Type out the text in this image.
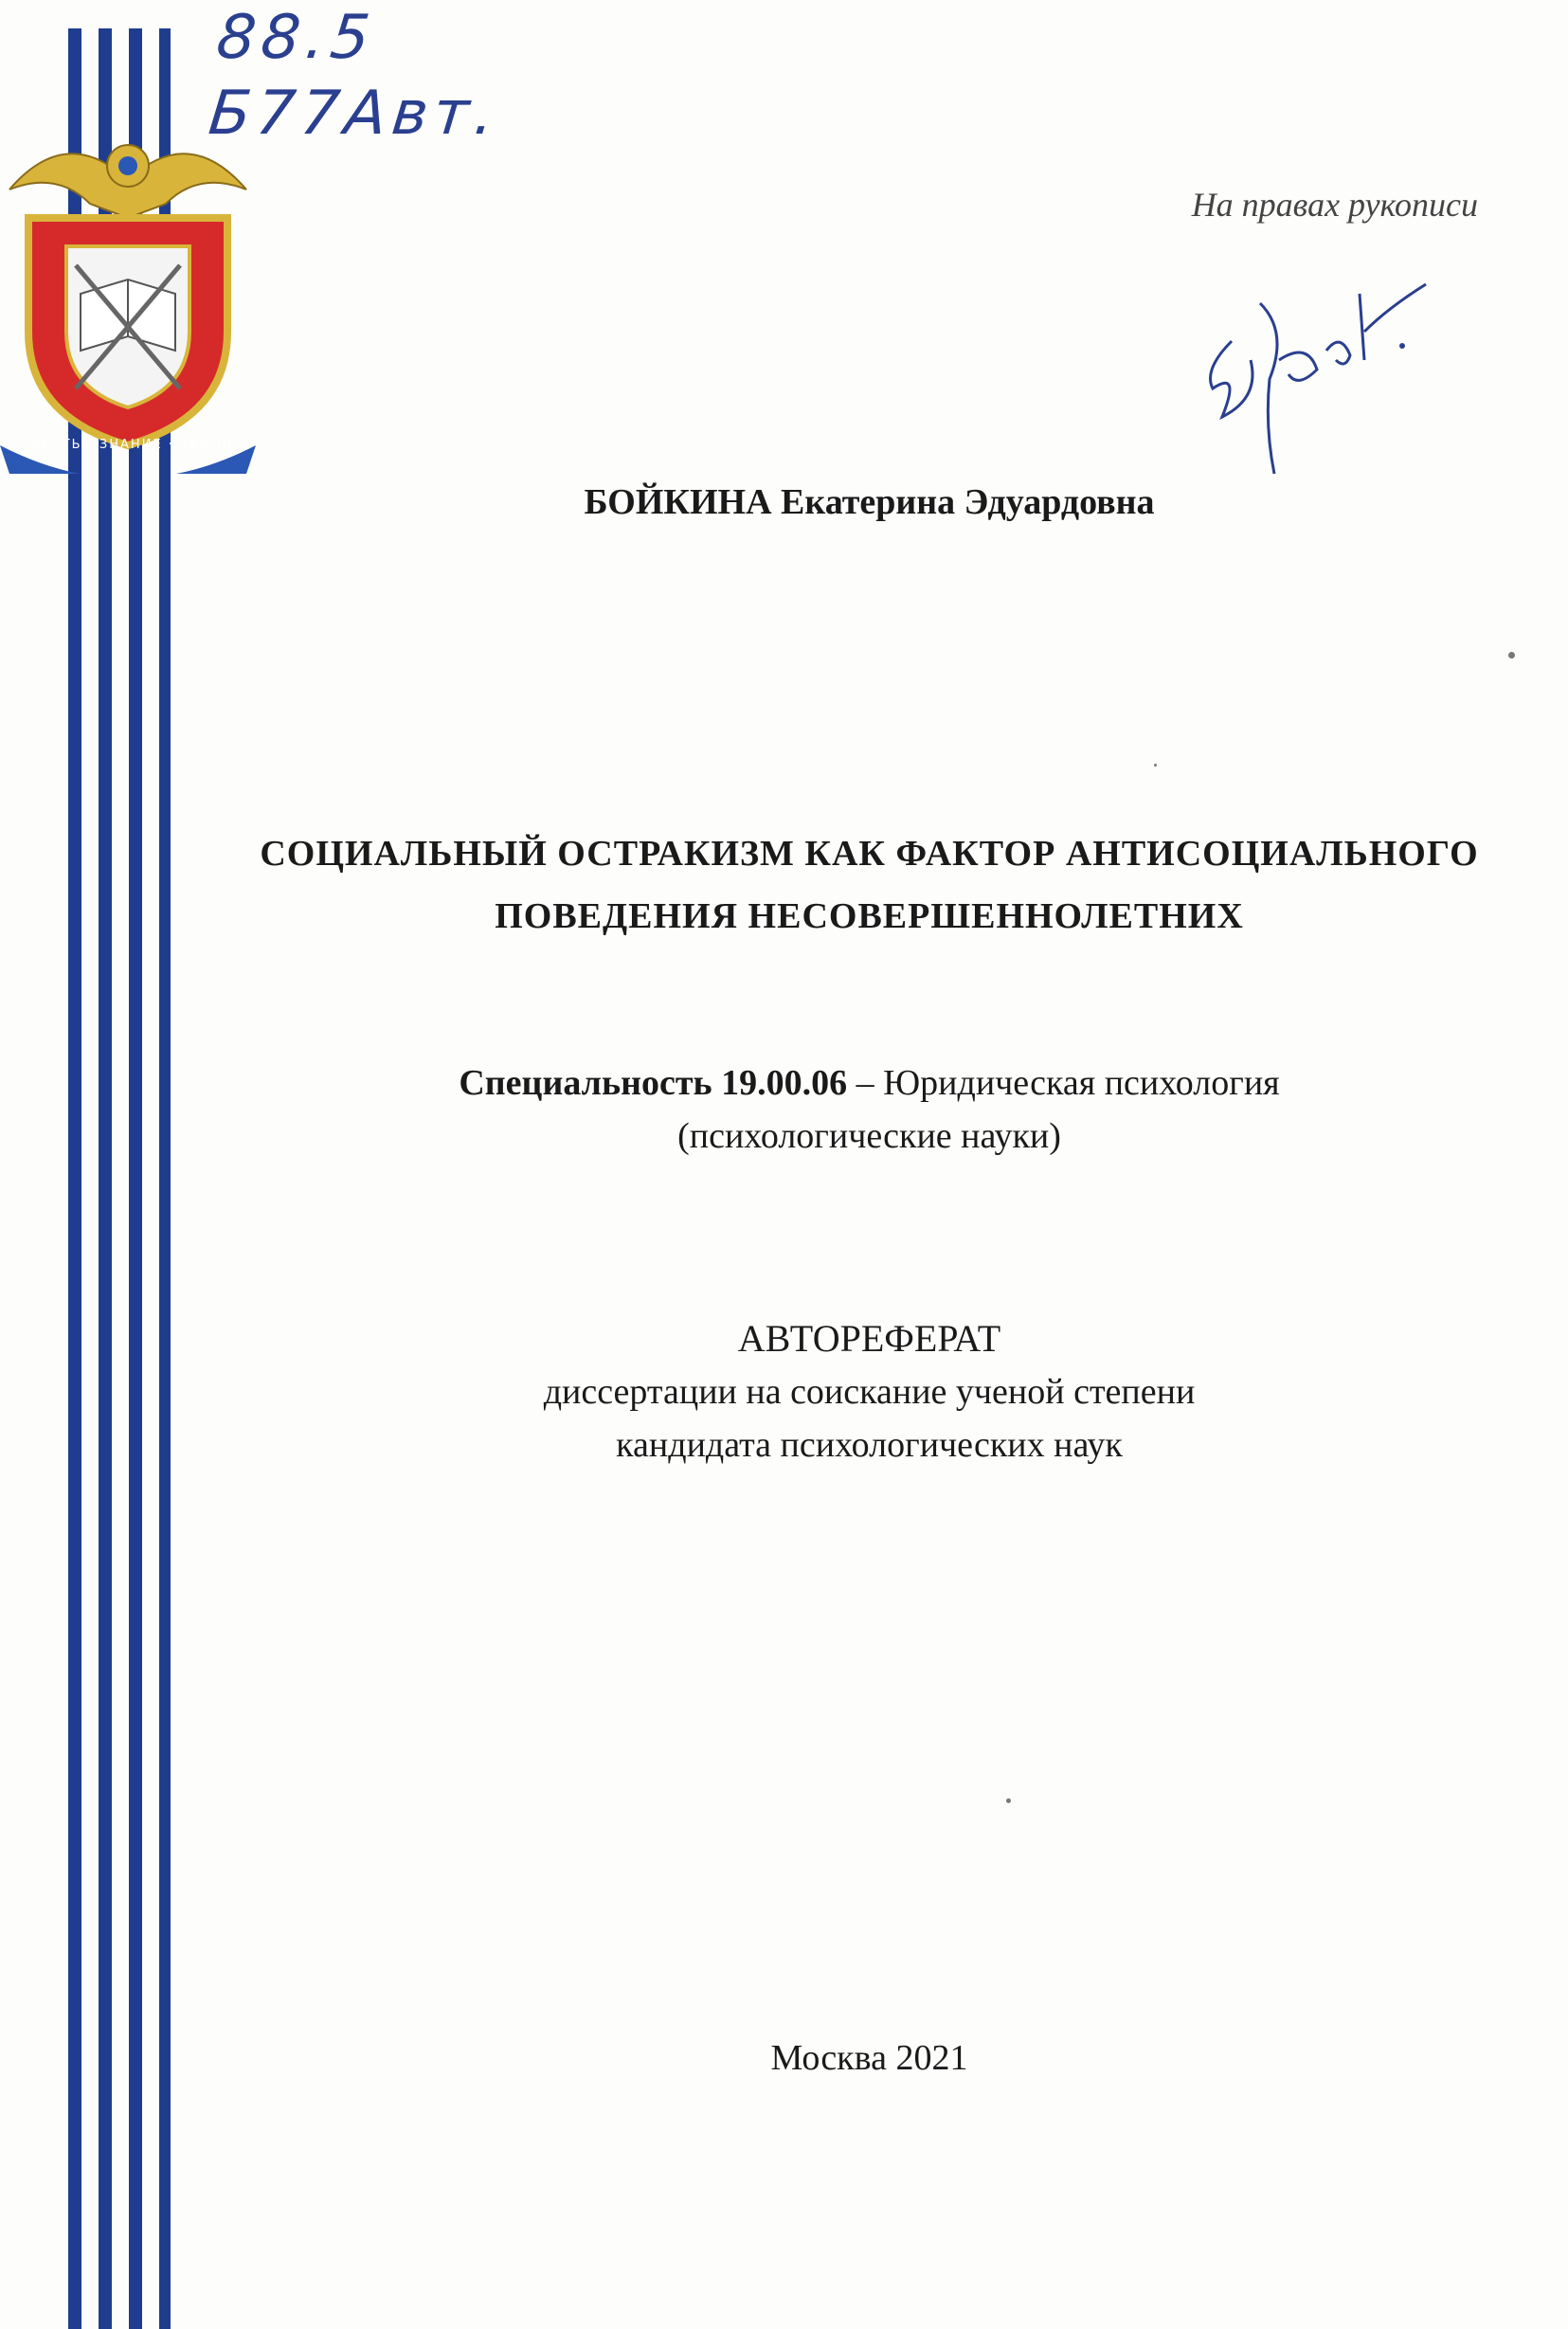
ЧЕСТЬ · ЗНАНИЕ · ЗАКОН
88.5
Б77Авт.
На правах рукописи
БОЙКИНА Екатерина Эдуардовна
СОЦИАЛЬНЫЙ ОСТРАКИЗМ КАК ФАКТОР АНТИСОЦИАЛЬНОГО
ПОВЕДЕНИЯ НЕСОВЕРШЕННОЛЕТНИХ
Специальность 19.00.06 – Юридическая психология
(психологические науки)
АВТОРЕФЕРАТ
диссертации на соискание ученой степени
кандидата психологических наук
Москва 2021
